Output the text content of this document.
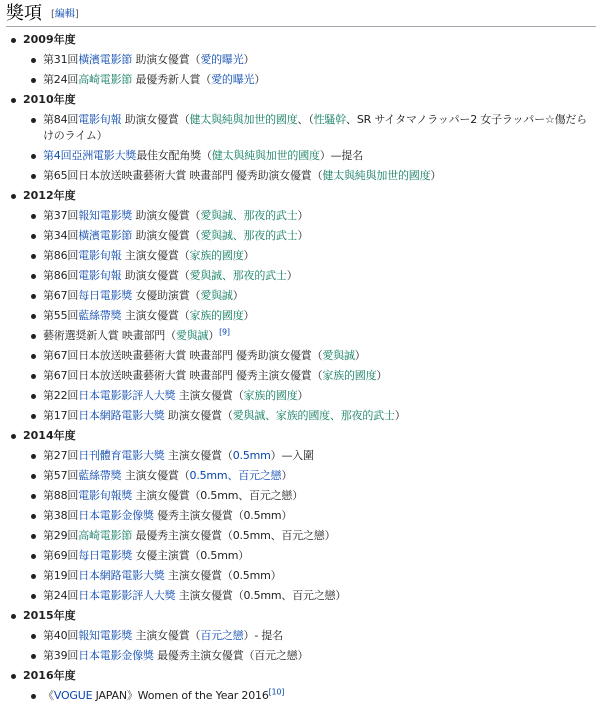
獎項 [編輯]
2009年度
第31回橫濱電影節 助演女優賞（愛的曝光）
第24回高崎電影節 最優秀新人賞（愛的曝光）
2010年度
第84回電影旬報 助演女優賞（健太與純與加世的國度、（性騷幹、SR サイタマノラッパー2 女子ラッパー☆傷だらけのライム）
第4回亞洲電影大獎最佳女配角獎（健太與純與加世的國度）—提名
第65回日本放送映畫藝術大賞 映畫部門 優秀助演女優賞（健太與純與加世的國度）
2012年度
第37回報知電影獎 助演女優賞（愛與誠、那夜的武士）
第34回橫濱電影節 助演女優賞（愛與誠、那夜的武士）
第86回電影旬報 主演女優賞（家族的國度）
第86回電影旬報 助演女優賞（愛與誠、那夜的武士）
第67回每日電影獎 女優助演賞（愛與誠）
第55回藍絲帶獎 主演女優賞（家族的國度）
藝術選奨新人賞 映畫部門（愛與誠）[9]
第67回日本放送映畫藝術大賞 映畫部門 優秀助演女優賞（愛與誠）
第67回日本放送映畫藝術大賞 映畫部門 優秀主演女優賞（家族的國度）
第22回日本電影影評人大獎 主演女優賞（家族的國度）
第17回日本網路電影大獎 助演女優賞（愛與誠、家族的國度、那夜的武士）
2014年度
第27回日刊體育電影大獎 主演女優賞（0.5mm）—入圍
第57回藍絲帶獎 主演女優賞（0.5mm、百元之戀）
第88回電影旬報獎 主演女優賞（0.5mm、百元之戀）
第38回日本電影金像獎 優秀主演女優賞（0.5mm）
第29回高崎電影節 最優秀主演女優賞（0.5mm、百元之戀）
第69回每日電影獎 女優主演賞（0.5mm）
第19回日本網路電影大獎 主演女優賞（0.5mm）
第24回日本電影影評人大獎 主演女優賞（0.5mm、百元之戀）
2015年度
第40回報知電影獎 主演女優賞（百元之戀）- 提名
第39回日本電影金像獎 最優秀主演女優賞（百元之戀）
2016年度
《VOGUE JAPAN》Women of the Year 2016[10]
